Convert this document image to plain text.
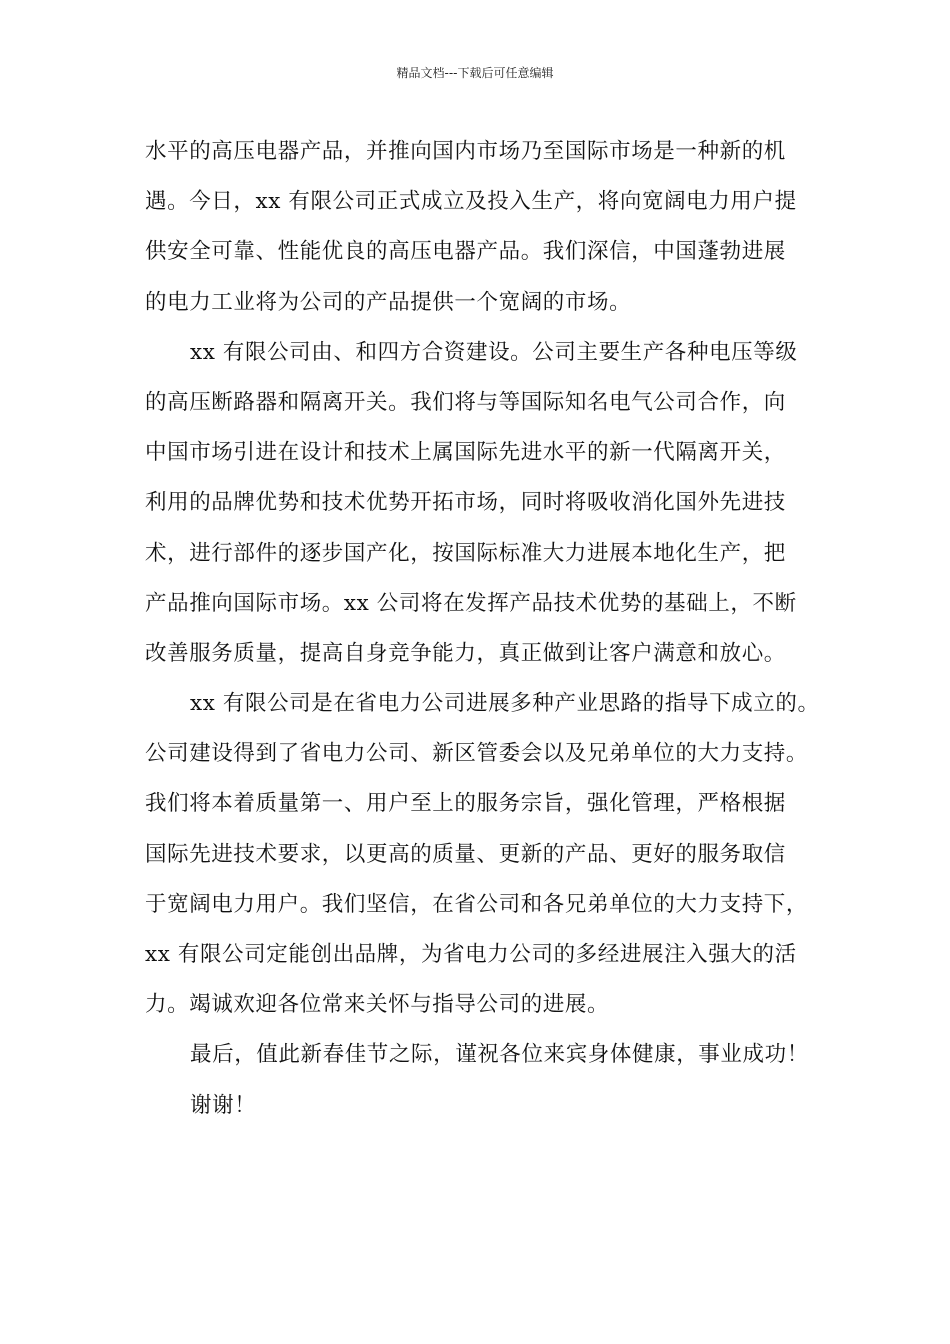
精品文档---下载后可任意编辑
水平的高压电器产品，并推向国内市场乃至国际市场是一种新的机
遇。今日，xx 有限公司正式成立及投入生产，将向宽阔电力用户提
供安全可靠、性能优良的高压电器产品。我们深信，中国蓬勃进展
的电力工业将为公司的产品提供一个宽阔的市场。
xx 有限公司由、和四方合资建设。公司主要生产各种电压等级
的高压断路器和隔离开关。我们将与等国际知名电气公司合作，向
中国市场引进在设计和技术上属国际先进水平的新一代隔离开关，
利用的品牌优势和技术优势开拓市场，同时将吸收消化国外先进技
术，进行部件的逐步国产化，按国际标准大力进展本地化生产，把
产品推向国际市场。xx 公司将在发挥产品技术优势的基础上，不断
改善服务质量，提高自身竞争能力，真正做到让客户满意和放心。
xx 有限公司是在省电力公司进展多种产业思路的指导下成立的。
公司建设得到了省电力公司、新区管委会以及兄弟单位的大力支持。
我们将本着质量第一、用户至上的服务宗旨，强化管理，严格根据
国际先进技术要求，以更高的质量、更新的产品、更好的服务取信
于宽阔电力用户。我们坚信，在省公司和各兄弟单位的大力支持下，
xx 有限公司定能创出品牌，为省电力公司的多经进展注入强大的活
力。竭诚欢迎各位常来关怀与指导公司的进展。
最后，值此新春佳节之际，谨祝各位来宾身体健康，事业成功！
谢谢！
